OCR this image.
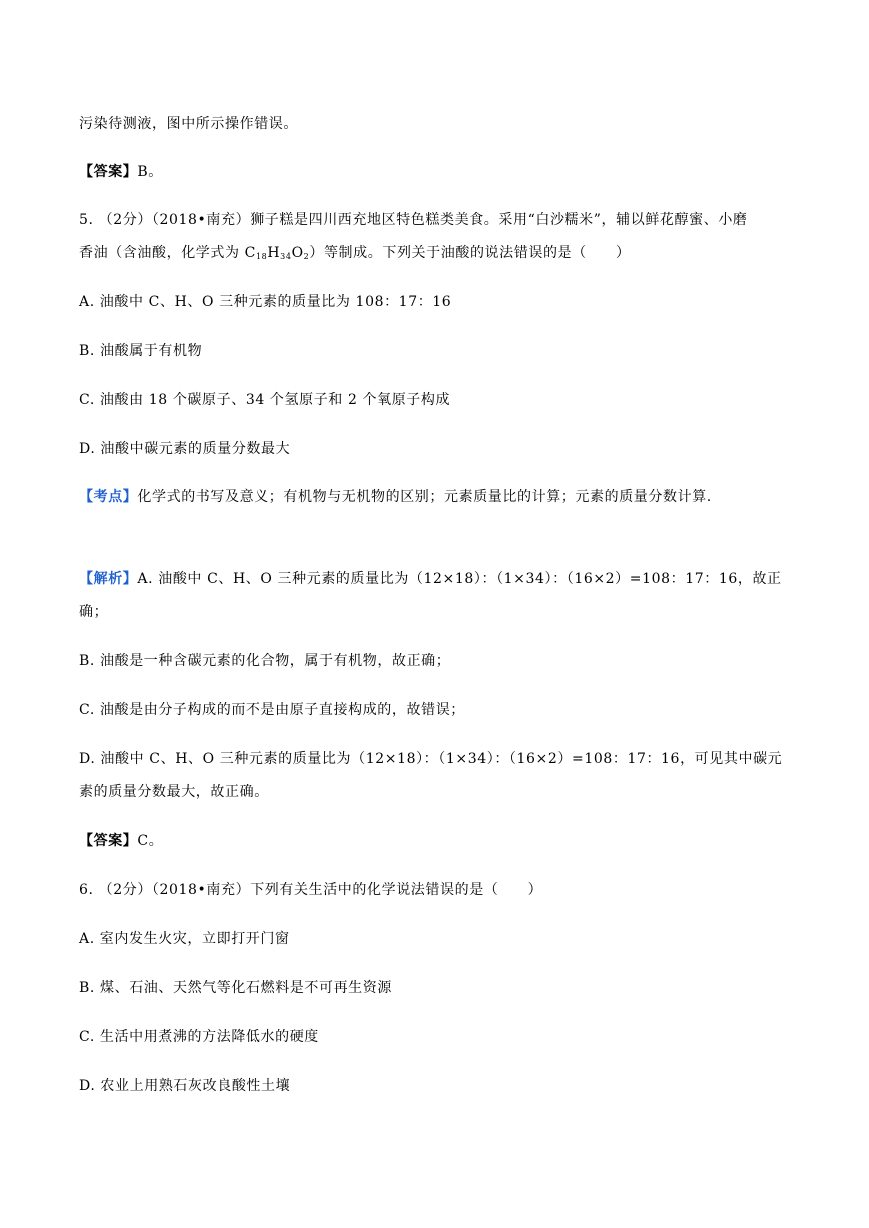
污染待测液，图中所示操作错误。
【答案】B。
5. （2分）（2018•南充）狮子糕是四川西充地区特色糕类美食。采用“白沙糯米”，辅以鲜花醇蜜、小磨
香油（含油酸，化学式为 $C_{18}H_{34}O_2$）等制成。下列关于油酸的说法错误的是（　　）
A. 油酸中 C、H、O 三种元素的质量比为 108：17：16
B. 油酸属于有机物
C. 油酸由 18 个碳原子、34 个氢原子和 2 个氧原子构成
D. 油酸中碳元素的质量分数最大
【考点】化学式的书写及意义；有机物与无机物的区别；元素质量比的计算；元素的质量分数计算.
【解析】A. 油酸中 C、H、O 三种元素的质量比为（12×18）：（1×34）：（16×2）=108：17：16，故正
确；
B. 油酸是一种含碳元素的化合物，属于有机物，故正确；
C. 油酸是由分子构成的而不是由原子直接构成的，故错误；
D. 油酸中 C、H、O 三种元素的质量比为（12×18）：（1×34）：（16×2）=108：17：16，可见其中碳元
素的质量分数最大，故正确。
【答案】C。
6. （2分）（2018•南充）下列有关生活中的化学说法错误的是（　　）
A. 室内发生火灾，立即打开门窗
B. 煤、石油、天然气等化石燃料是不可再生资源
C. 生活中用煮沸的方法降低水的硬度
D. 农业上用熟石灰改良酸性土壤
